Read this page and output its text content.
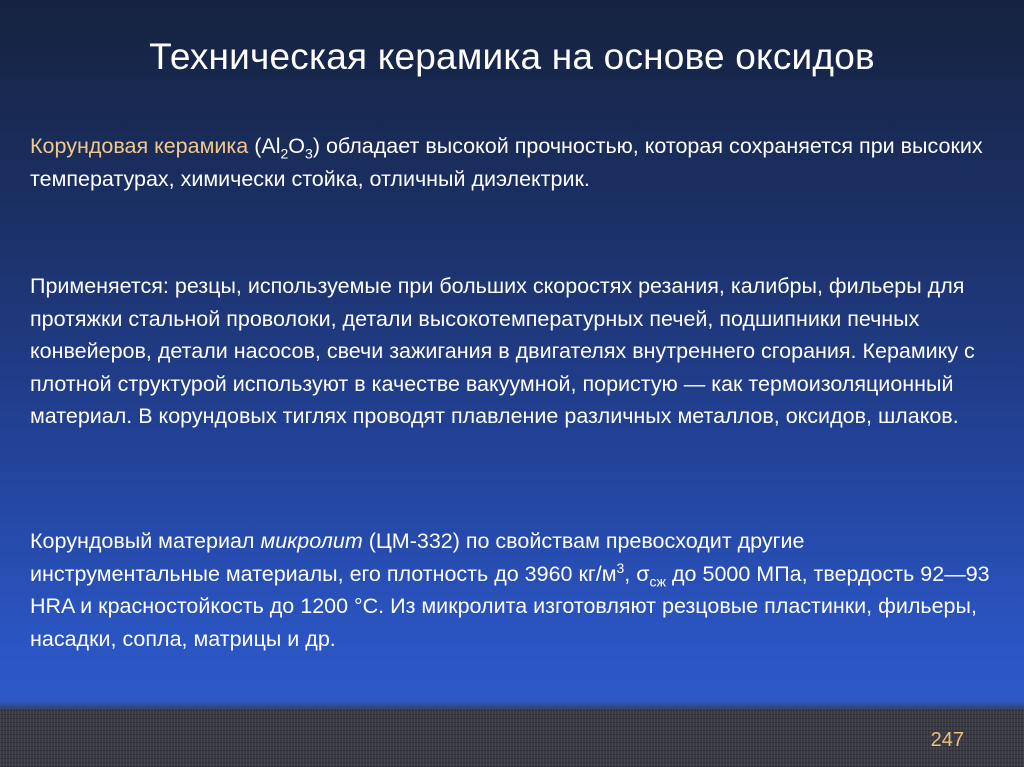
Техническая керамика на основе оксидов
Корундовая керамика $(Al_2O_3)$ обладает высокой прочностью, которая сохраняется при высоких температурах, химически стойка, отличный диэлектрик.
Применяется: резцы, используемые при больших скоростях резания, калибры, фильеры для протяжки стальной проволоки, детали высокотемпературных печей, подшипники печных конвейеров, детали насосов, свечи зажигания в двигателях внутреннего сгорания. Керамику с плотной структурой используют в качестве вакуумной, пористую — как термоизоляционный материал. В корундовых тиглях проводят плавление различных металлов, оксидов, шлаков.
Корундовый материал микролит (ЦМ-332) по свойствам превосходит другие инструментальные материалы, его плотность до 3960 $кг/м^3$, $\sigma_{сж}$ до 5000 МПа, твердость 92—93 HRA и красностойкость до 1200 °С. Из микролита изготовляют резцовые пластинки, фильеры, насадки, сопла, матрицы и др.
247
